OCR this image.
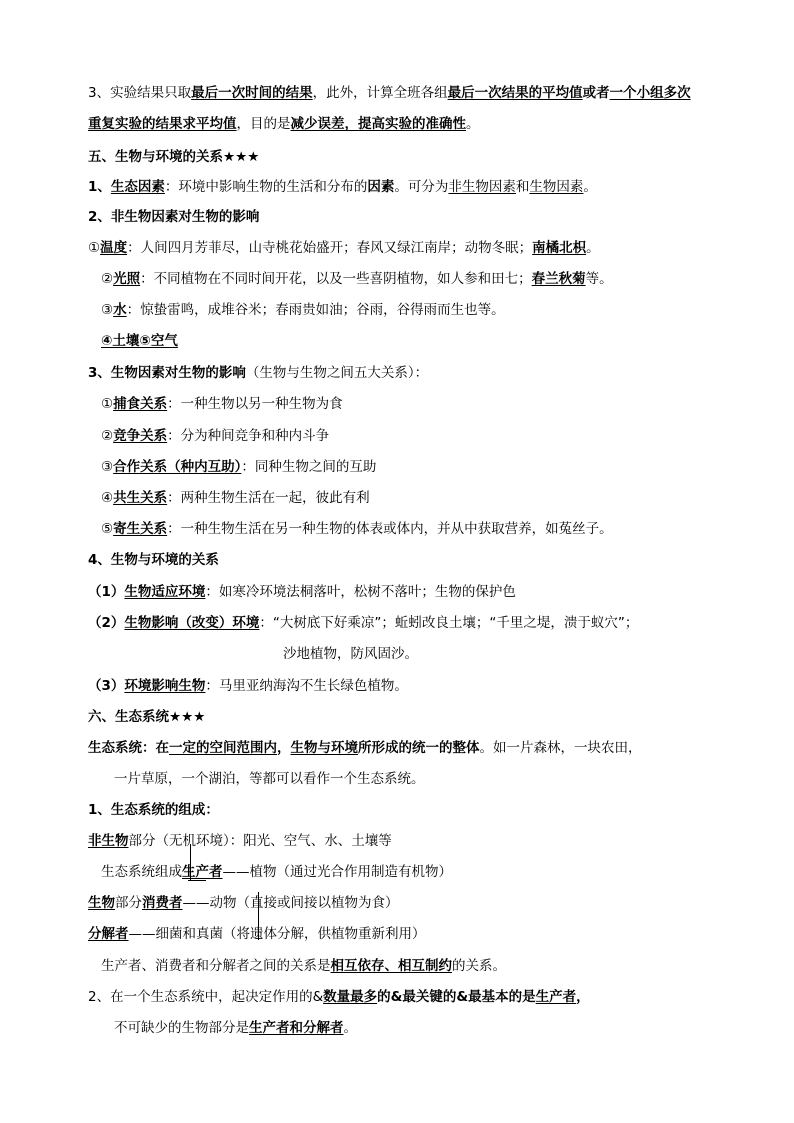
3、实验结果只取最后一次时间的结果，此外，计算全班各组最后一次结果的平均值或者一个小组多次
重复实验的结果求平均值，目的是减少误差，提高实验的准确性。
五、生物与环境的关系★★★
1、生态因素：环境中影响生物的生活和分布的因素。可分为非生物因素和生物因素。
2、非生物因素对生物的影响
①温度：人间四月芳菲尽，山寺桃花始盛开；春风又绿江南岸；动物冬眠；南橘北枳。
②光照：不同植物在不同时间开花，以及一些喜阴植物，如人参和田七；春兰秋菊等。
③水：惊蛰雷鸣，成堆谷米；春雨贵如油；谷雨，谷得雨而生也等。
④土壤⑤空气
3、生物因素对生物的影响（生物与生物之间五大关系）：
①捕食关系：一种生物以另一种生物为食
②竞争关系：分为种间竞争和种内斗争
③合作关系（种内互助）：同种生物之间的互助
④共生关系：两种生物生活在一起，彼此有利
⑤寄生关系：一种生物生活在另一种生物的体表或体内，并从中获取营养，如菟丝子。
4、生物与环境的关系
（1）生物适应环境：如寒冷环境法桐落叶，松树不落叶；生物的保护色
（2）生物影响（改变）环境：“大树底下好乘凉”；蚯蚓改良土壤；“千里之堤，溃于蚁穴”；
沙地植物，防风固沙。
（3）环境影响生物：马里亚纳海沟不生长绿色植物。
六、生态系统★★★
生态系统：在一定的空间范围内，生物与环境所形成的统一的整体。如一片森林，一块农田，
一片草原，一个湖泊，等都可以看作一个生态系统。
1、生态系统的组成：
非生物部分（无机环境）：阳光、空气、水、土壤等
生态系统组成生产者——植物（通过光合作用制造有机物）
生物部分消费者——动物（直接或间接以植物为食）
分解者——细菌和真菌（将遗体分解，供植物重新利用）
生产者、消费者和分解者之间的关系是相互依存、相互制约的关系。
2、在一个生态系统中，起决定作用的&数量最多的&最关键的&最基本的是生产者，
不可缺少的生物部分是生产者和分解者。
